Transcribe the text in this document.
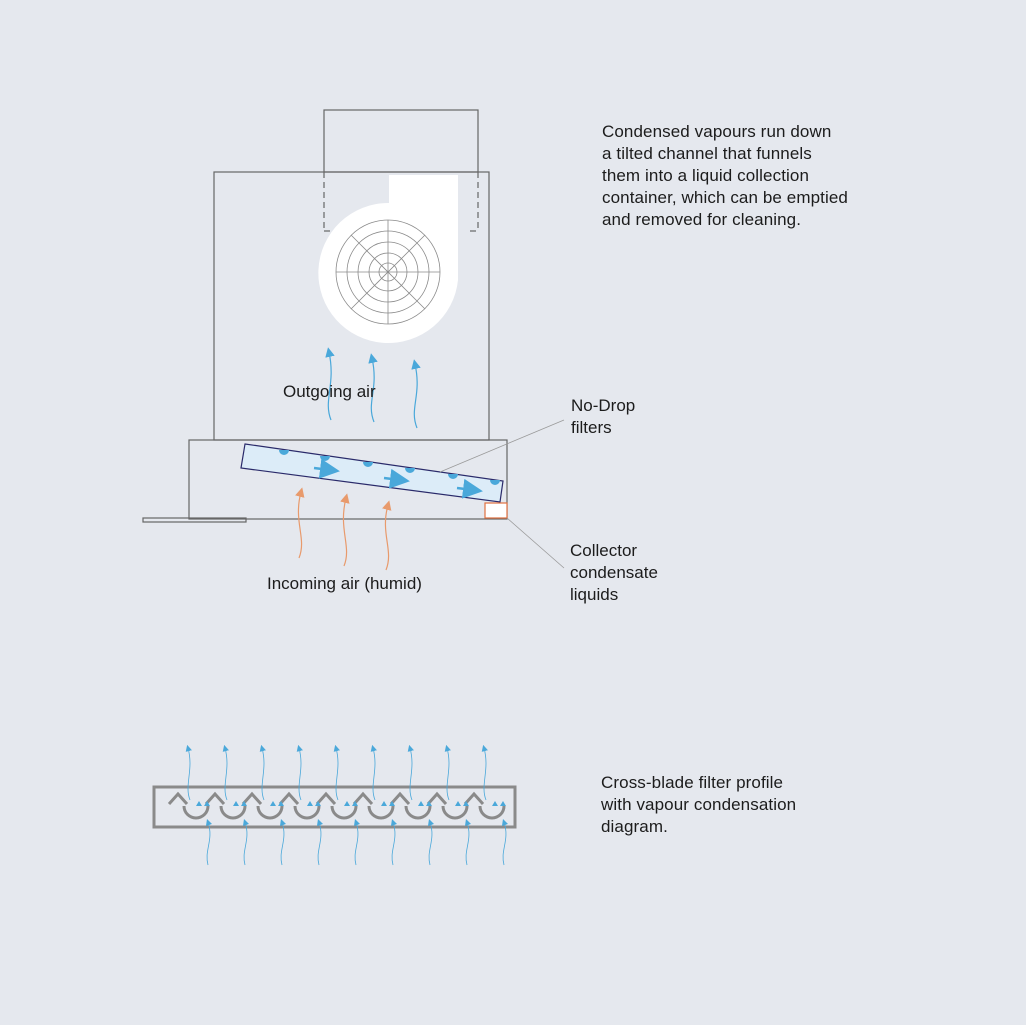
Condensed vapours run down
a tilted channel that funnels
them into a liquid collection
container, which can be emptied
and removed for cleaning.
Outgoing air
No-Drop
filters
Collector
condensate
liquids
Incoming air (humid)
Cross-blade filter profile
with vapour condensation
diagram.
